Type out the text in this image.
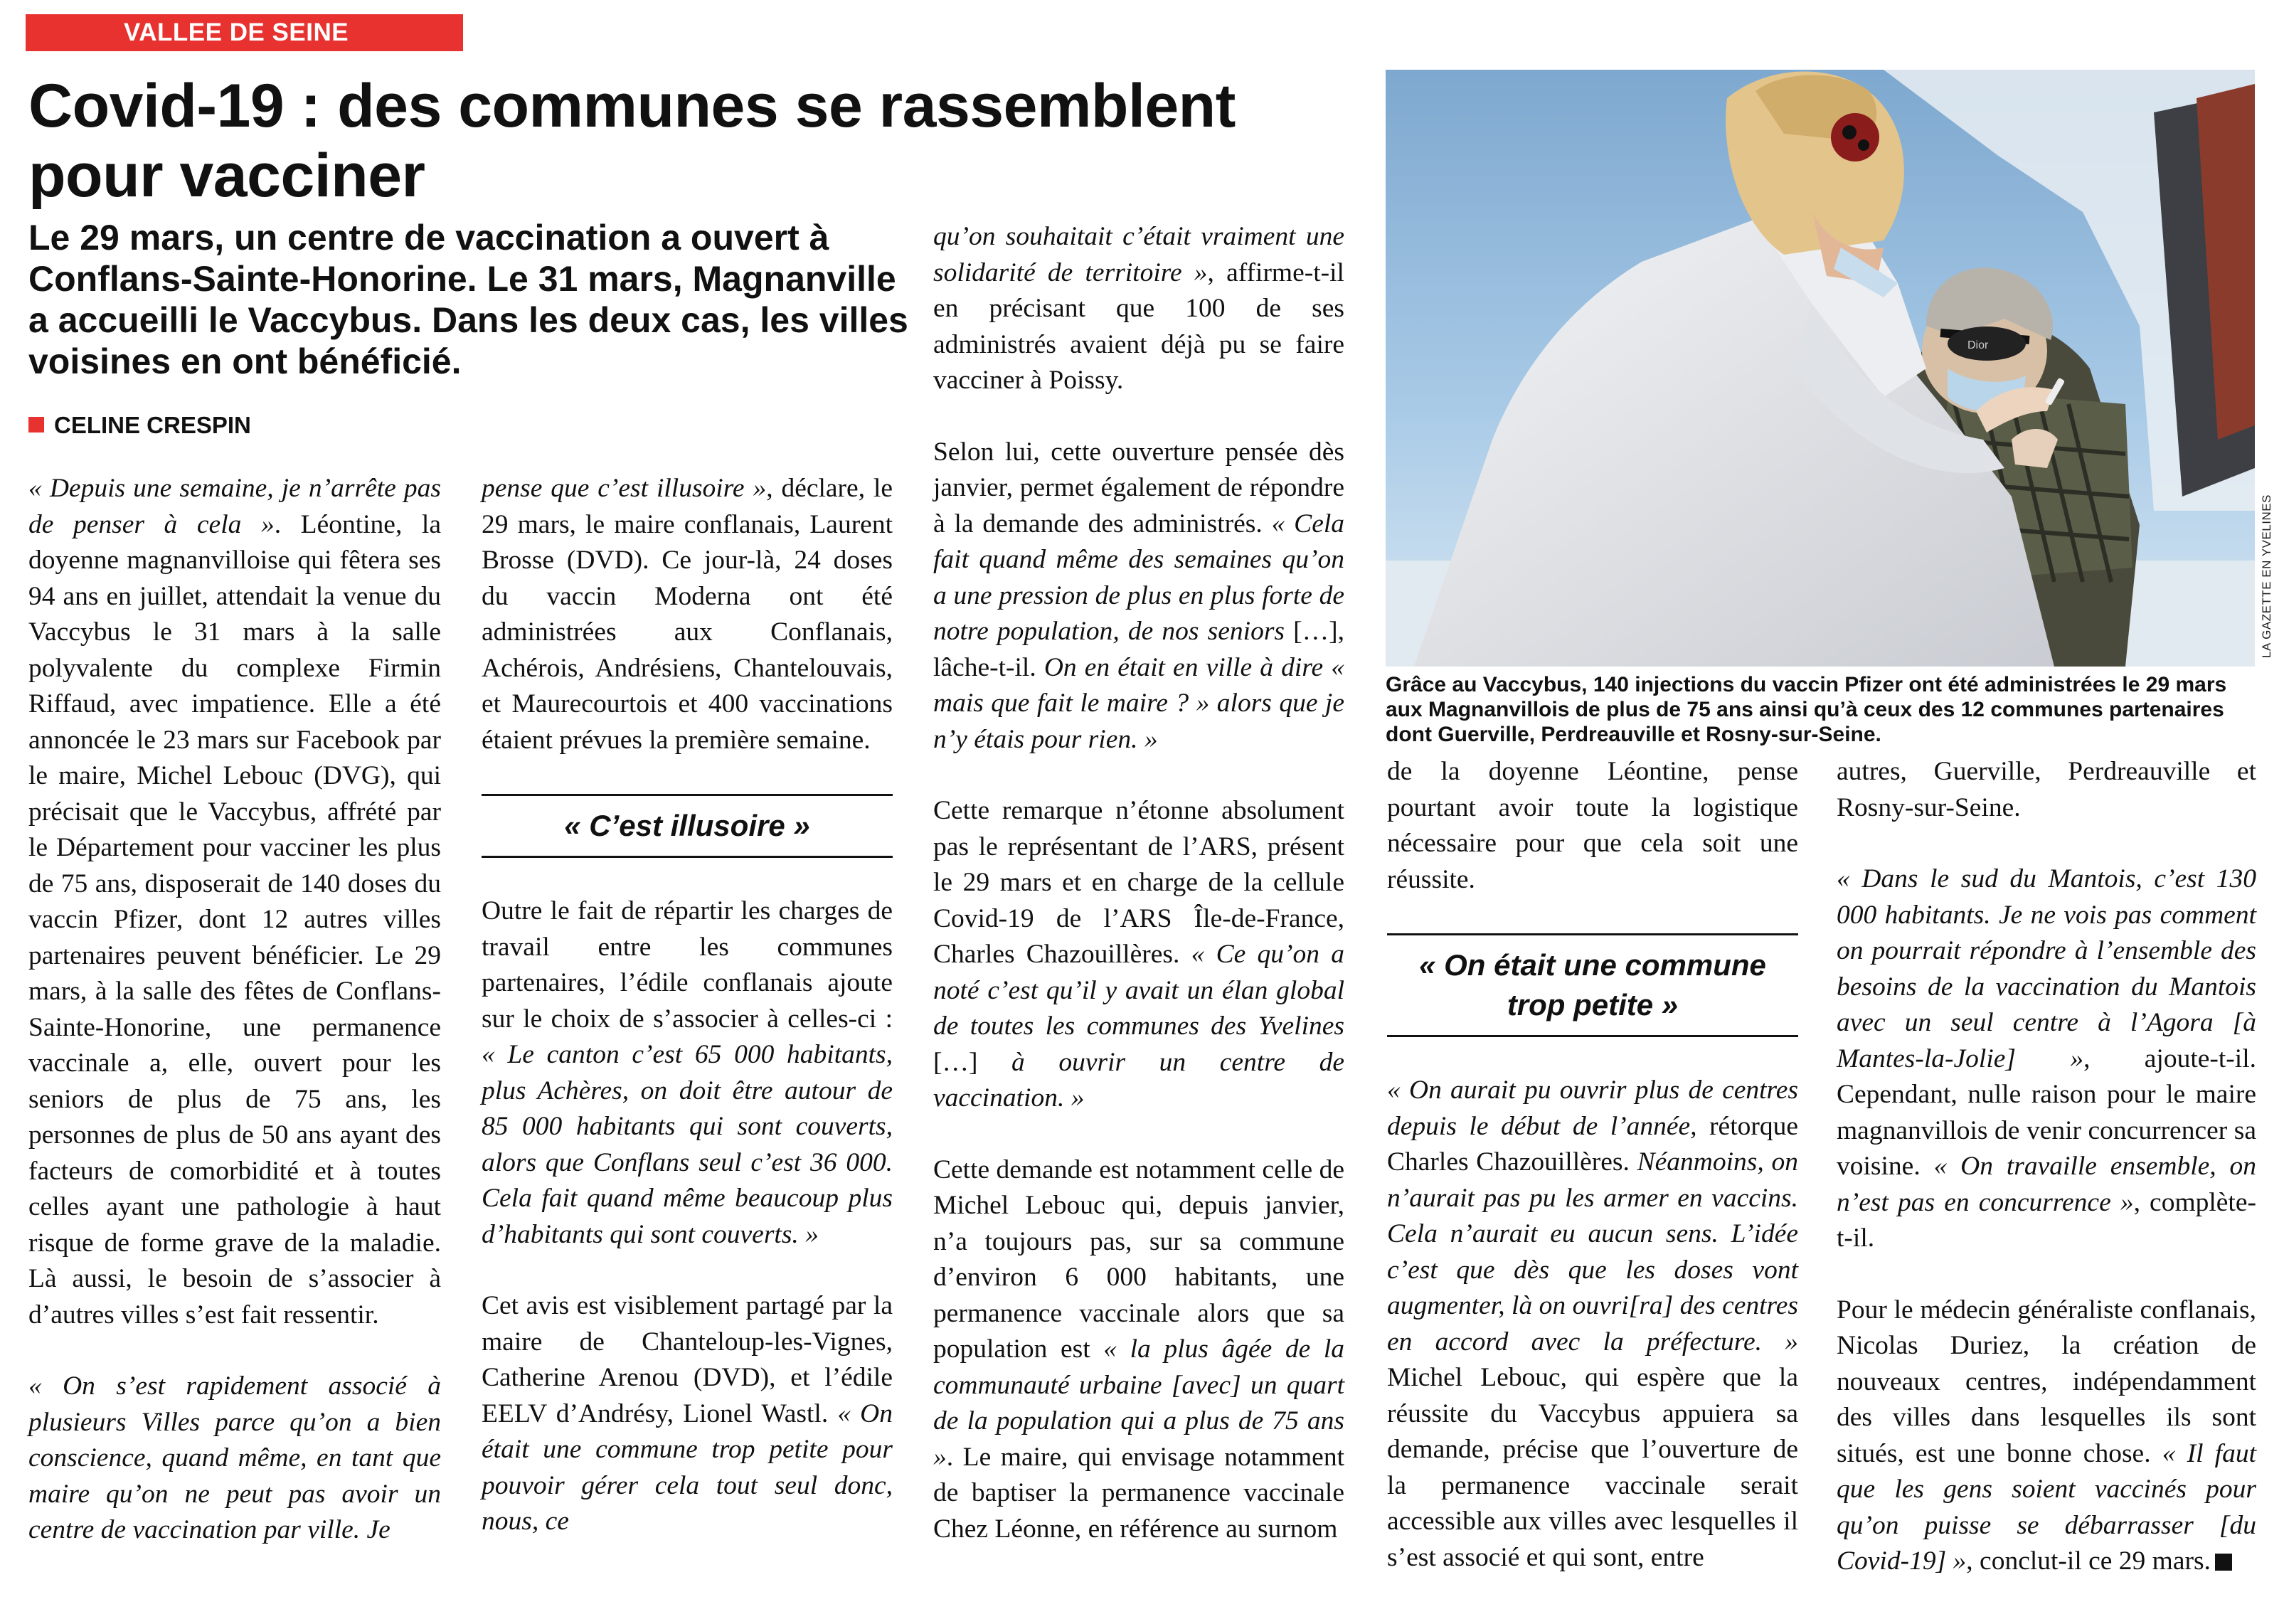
VALLEE DE SEINE
Covid-19 : des communes se rassemblent pour vacciner

Le 29 mars, un centre de vaccination a ouvert à Conflans-Sainte-Honorine. Le 31 mars, Magnanville a accueilli le Vaccybus. Dans les deux cas, les villes voisines en ont bénéficié.

CELINE CRESPIN

« Depuis une semaine, je n’arrête pas de penser à cela ». Léontine, la doyenne magnanvilloise qui fêtera ses 94 ans en juillet, attendait la venue du Vaccybus le 31 mars à la salle polyvalente du complexe Firmin Riffaud, avec impatience. Elle a été annoncée le 23 mars sur Facebook par le maire, Michel Lebouc (DVG), qui précisait que le Vaccybus, affrété par le Département pour vacciner les plus de 75 ans, disposerait de 140 doses du vaccin Pfizer, dont 12 autres villes partenaires peuvent bénéficier. Le 29 mars, à la salle des fêtes de Conflans-Sainte-Honorine, une permanence vaccinale a, elle, ouvert pour les seniors de plus de 75 ans, les personnes de plus de 50 ans ayant des facteurs de comorbidité et à toutes celles ayant une pathologie à haut risque de forme grave de la maladie. Là aussi, le besoin de s’associer à d’autres villes s’est fait ressentir.

« On s’est rapidement associé à plusieurs Villes parce qu’on a bien conscience, quand même, en tant que maire qu’on ne peut pas avoir un centre de vaccination par ville. Je

pense que c’est illusoire », déclare, le 29 mars, le maire conflanais, Laurent Brosse (DVD). Ce jour-là, 24 doses du vaccin Moderna ont été administrées aux Conflanais, Achérois, Andrésiens, Chantelouvais, et Maurecourtois et 400 vaccinations étaient prévues la première semaine.

« C’est illusoire »

Outre le fait de répartir les charges de travail entre les communes partenaires, l’édile conflanais ajoute sur le choix de s’associer à celles-ci : « Le canton c’est 65 000 habitants, plus Achères, on doit être autour de 85 000 habitants qui sont couverts, alors que Conflans seul c’est 36 000. Cela fait quand même beaucoup plus d’habitants qui sont couverts. »

Cet avis est visiblement partagé par la maire de Chanteloup-les-Vignes, Catherine Arenou (DVD), et l’édile EELV d’Andrésy, Lionel Wastl. « On était une commune trop petite pour pouvoir gérer cela tout seul donc, nous, ce

qu’on souhaitait c’était vraiment une solidarité de territoire », affirme-t-il en précisant que 100 de ses administrés avaient déjà pu se faire vacciner à Poissy.

Selon lui, cette ouverture pensée dès janvier, permet également de répondre à la demande des administrés. « Cela fait quand même des semaines qu’on a une pression de plus en plus forte de notre population, de nos seniors […], lâche-t-il. On en était en ville à dire « mais que fait le maire ? » alors que je n’y étais pour rien. »

Cette remarque n’étonne absolument pas le représentant de l’ARS, présent le 29 mars et en charge de la cellule Covid-19 de l’ARS Île-de-France, Charles Chazouillères. « Ce qu’on a noté c’est qu’il y avait un élan global de toutes les communes des Yvelines […] à ouvrir un centre de vaccination. »

Cette demande est notamment celle de Michel Lebouc qui, depuis janvier, n’a toujours pas, sur sa commune d’environ 6 000 habitants, une permanence vaccinale alors que sa population est « la plus âgée de la communauté urbaine [avec] un quart de la population qui a plus de 75 ans ». Le maire, qui envisage notamment de baptiser la permanence vaccinale Chez Léonne, en référence au surnom

Dior
LA GAZETTE EN YVELINES
Grâce au Vaccybus, 140 injections du vaccin Pfizer ont été administrées le 29 mars aux Magnanvillois de plus de 75 ans ainsi qu’à ceux des 12 communes partenaires dont Guerville, Perdreauville et Rosny-sur-Seine.

de la doyenne Léontine, pense pourtant avoir toute la logistique nécessaire pour que cela soit une réussite.

« On était une commune trop petite »

« On aurait pu ouvrir plus de centres depuis le début de l’année, rétorque Charles Chazouillères. Néanmoins, on n’aurait pas pu les armer en vaccins. Cela n’aurait eu aucun sens. L’idée c’est que dès que les doses vont augmenter, là on ouvri[ra] des centres en accord avec la préfecture. » Michel Lebouc, qui espère que la réussite du Vaccybus appuiera sa demande, précise que l’ouverture de la permanence vaccinale serait accessible aux villes avec lesquelles il s’est associé et qui sont, entre

autres, Guerville, Perdreauville et Rosny-sur-Seine.

« Dans le sud du Mantois, c’est 130 000 habitants. Je ne vois pas comment on pourrait répondre à l’ensemble des besoins de la vaccination du Mantois avec un seul centre à l’Agora [à Mantes-la-Jolie] », ajoute-t-il. Cependant, nulle raison pour le maire magnanvillois de venir concurrencer sa voisine. « On travaille ensemble, on n’est pas en concurrence », complète-t-il.

Pour le médecin généraliste conflanais, Nicolas Duriez, la création de nouveaux centres, indépendamment des villes dans lesquelles ils sont situés, est une bonne chose. « Il faut que les gens soient vaccinés pour qu’on puisse se débarrasser [du Covid-19] », conclut-il ce 29 mars.
